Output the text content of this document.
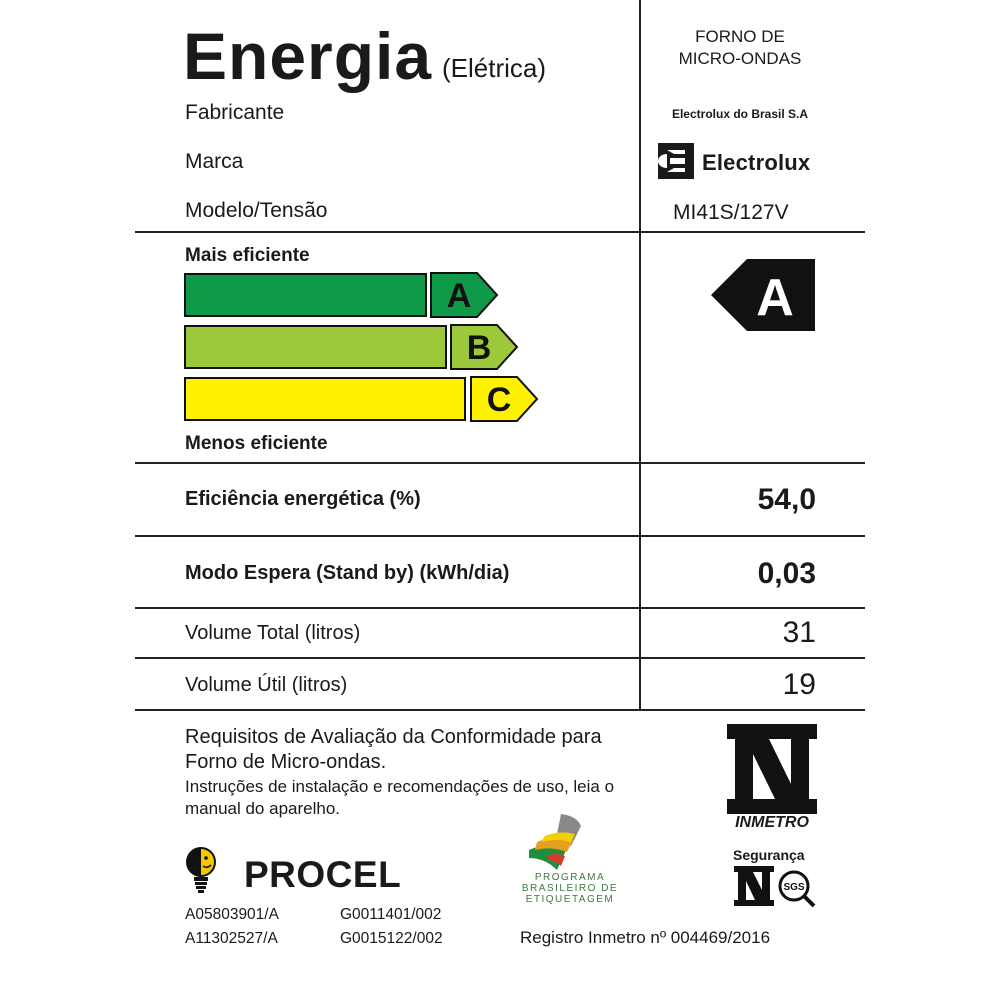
Energia (Elétrica)
FORNO DE
MICRO-ONDAS
Fabricante	Electrolux do Brasil S.A
Marca	Electrolux
Modelo/Tensão	MI41S/127V
Mais eficiente
Menos eficiente
A
B
C
A
Eficiência energética (%)	54,0
Modo Espera (Stand by) (kWh/dia)	0,03
Volume Total (litros)	31
Volume Útil (litros)	19
Requisitos de Avaliação da Conformidade para
Forno de Micro-ondas.
Instruções de instalação e recomendações de uso, leia o
manual do aparelho.
INMETRO
Segurança
SGS
PROCEL	PROGRAMA
BRASILEIRO DE
ETIQUETAGEM
A05803901/A	G0011401/002
A11302527/A	G0015122/002	Registro Inmetro nº 004469/2016
